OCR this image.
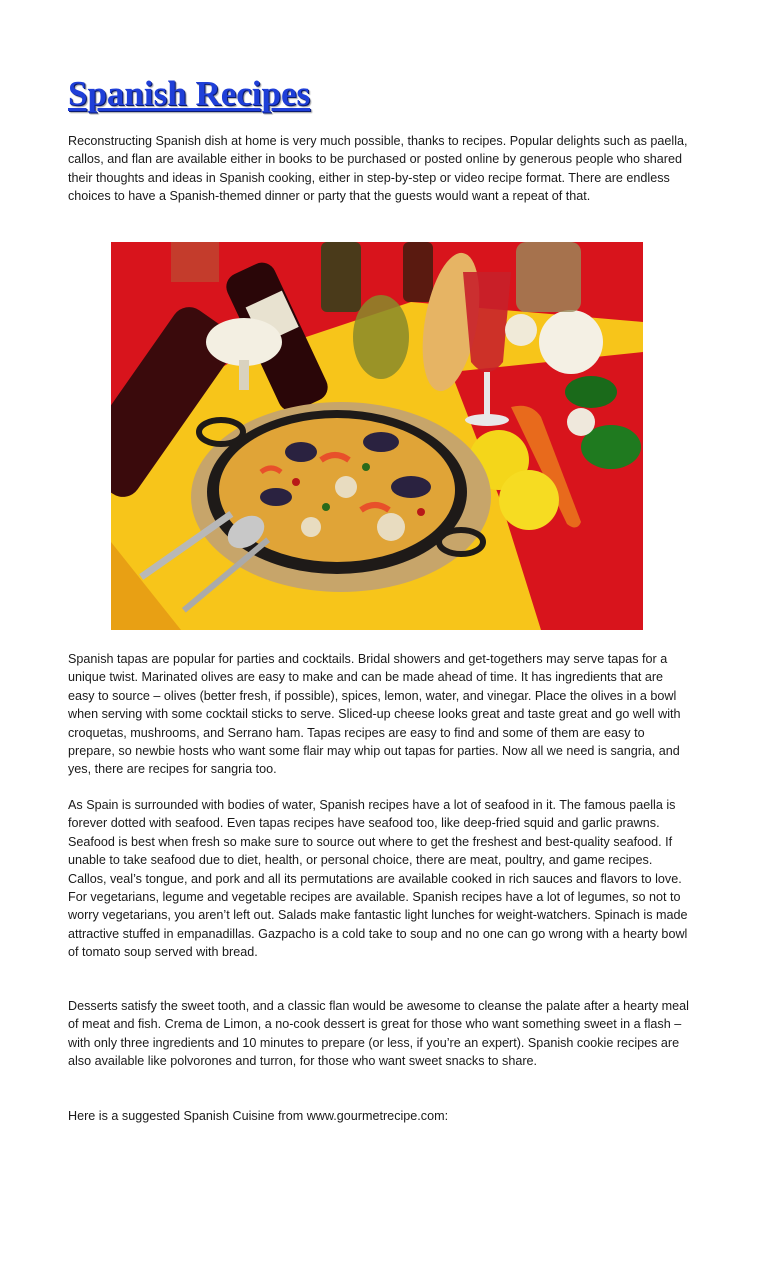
Spanish Recipes

Reconstructing Spanish dish at home is very much possible, thanks to recipes. Popular delights such as paella, callos, and flan are available either in books to be purchased or posted online by generous people who shared their thoughts and ideas in Spanish cooking, either in step-by-step or video recipe format. There are endless choices to have a Spanish-themed dinner or party that the guests would want a repeat of that.

Spanish tapas are popular for parties and cocktails. Bridal showers and get-togethers may serve tapas for a unique twist. Marinated olives are easy to make and can be made ahead of time. It has ingredients that are easy to source – olives (better fresh, if possible), spices, lemon, water, and vinegar. Place the olives in a bowl when serving with some cocktail sticks to serve. Sliced-up cheese looks great and taste great and go well with croquetas, mushrooms, and Serrano ham. Tapas recipes are easy to find and some of them are easy to prepare, so newbie hosts who want some flair may whip out tapas for parties. Now all we need is sangria, and yes, there are recipes for sangria too.

As Spain is surrounded with bodies of water, Spanish recipes have a lot of seafood in it. The famous paella is forever dotted with seafood. Even tapas recipes have seafood too, like deep-fried squid and garlic prawns. Seafood is best when fresh so make sure to source out where to get the freshest and best-quality seafood. If unable to take seafood due to diet, health, or personal choice, there are meat, poultry, and game recipes. Callos, veal’s tongue, and pork and all its permutations are available cooked in rich sauces and flavors to love. For vegetarians, legume and vegetable recipes are available. Spanish recipes have a lot of legumes, so not to worry vegetarians, you aren’t left out. Salads make fantastic light lunches for weight-watchers. Spinach is made attractive stuffed in empanadillas. Gazpacho is a cold take to soup and no one can go wrong with a hearty bowl of tomato soup served with bread.

Desserts satisfy the sweet tooth, and a classic flan would be awesome to cleanse the palate after a hearty meal of meat and fish. Crema de Limon, a no-cook dessert is great for those who want something sweet in a flash – with only three ingredients and 10 minutes to prepare (or less, if you’re an expert). Spanish cookie recipes are also available like polvorones and turron, for those who want sweet snacks to share.

Here is a suggested Spanish Cuisine from www.gourmetrecipe.com:
